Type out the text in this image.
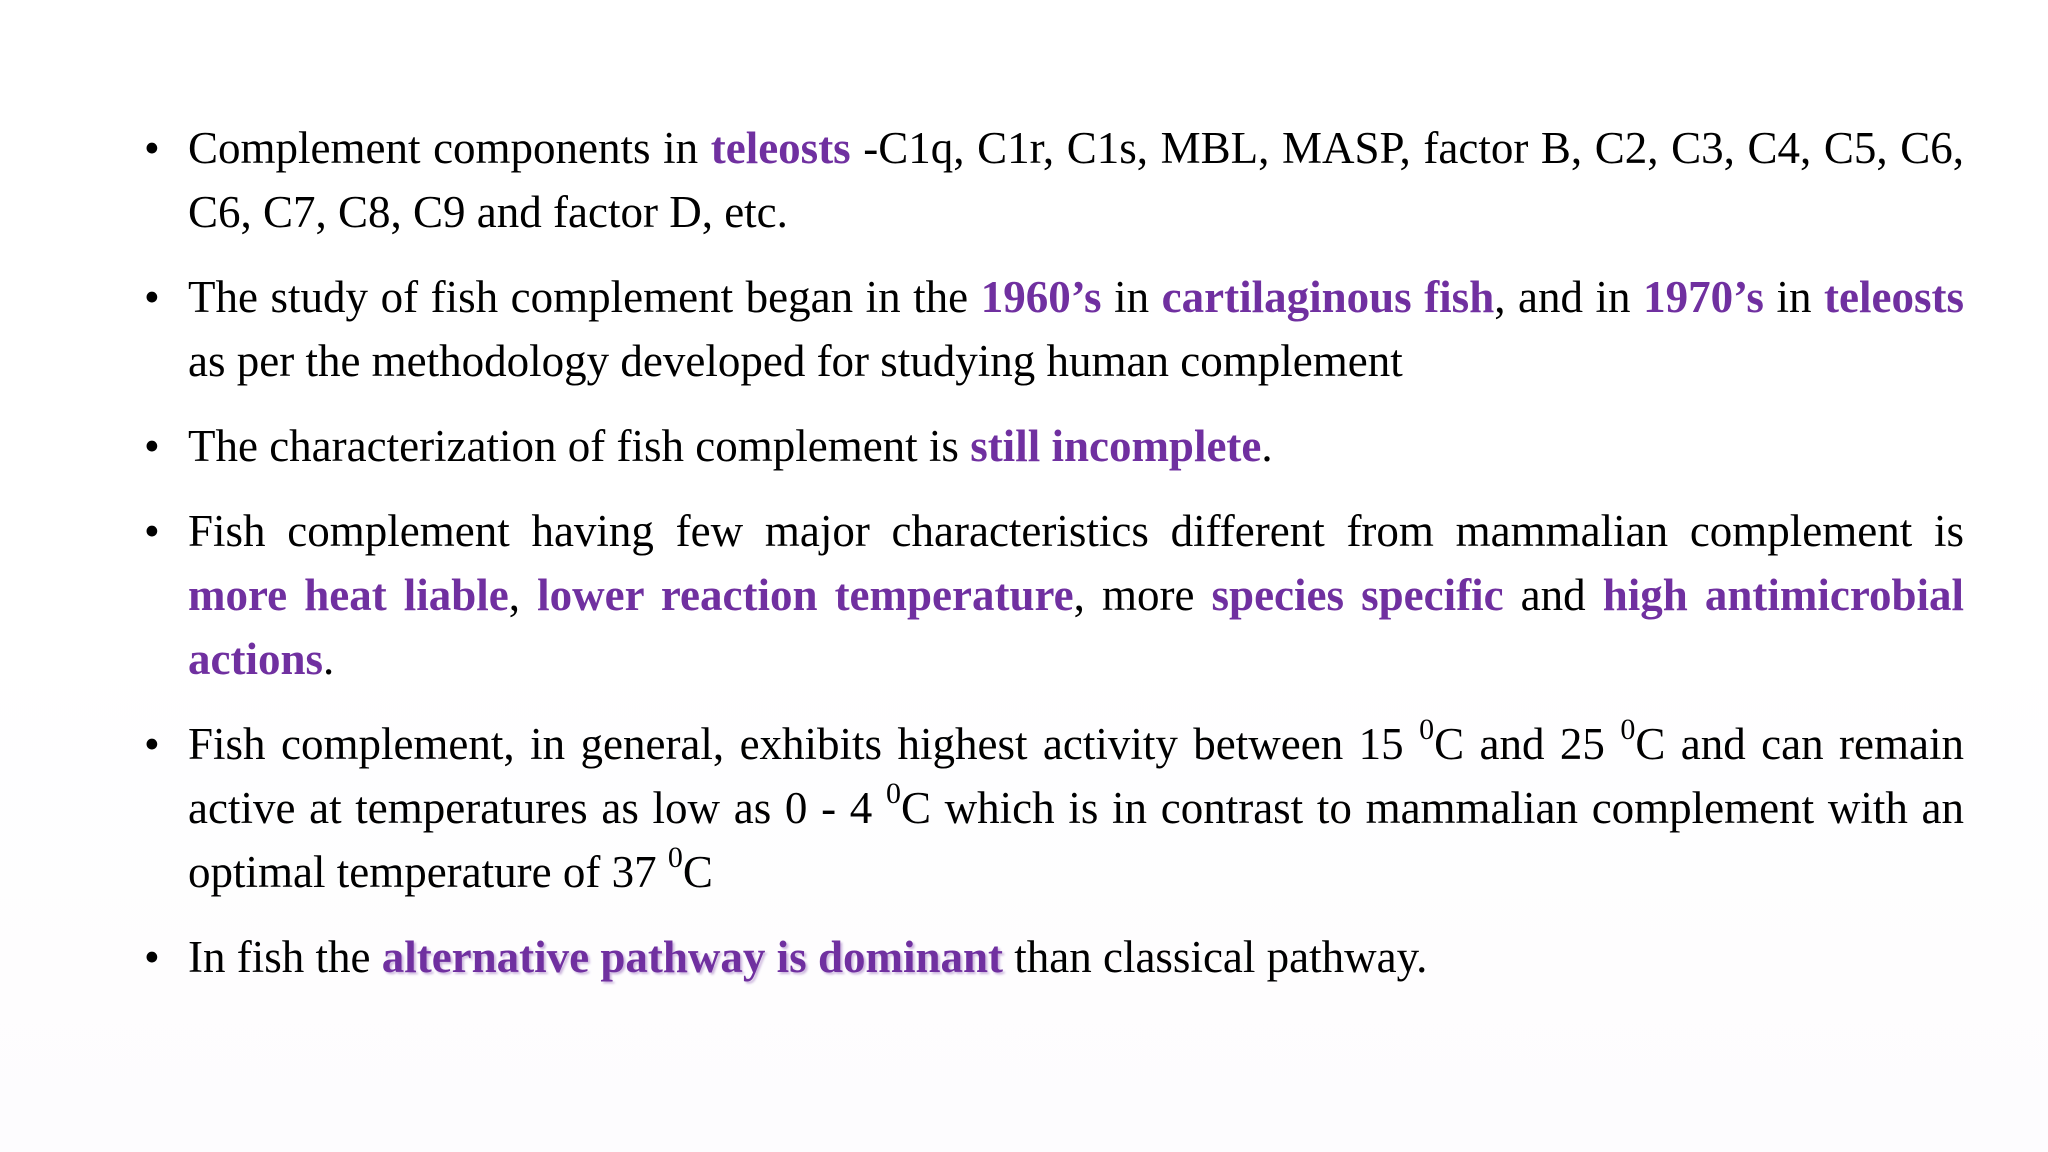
• Complement components in teleosts -C1q, C1r, C1s, MBL, MASP, factor B, C2, C3, C4, C5, C6, C6, C7, C8, C9 and factor D, etc.
• The study of fish complement began in the 1960’s in cartilaginous fish, and in 1970’s in teleosts as per the methodology developed for studying human complement
• The characterization of fish complement is still incomplete.
• Fish complement having few major characteristics different from mammalian complement is more heat liable, lower reaction temperature, more species specific and high antimicrobial actions.
• Fish complement, in general, exhibits highest activity between 15 $^0$C and 25 $^0$C and can remain active at temperatures as low as 0 - 4 $^0$C which is in contrast to mammalian complement with an optimal temperature of 37 $^0$C
• In fish the alternative pathway is dominant than classical pathway.
